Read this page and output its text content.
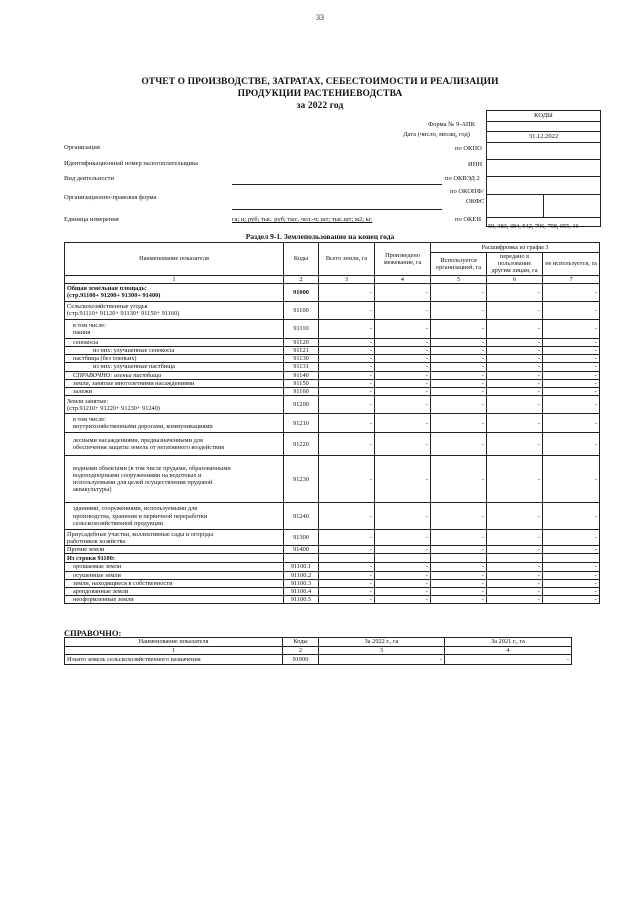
33
ОТЧЕТ О ПРОИЗВОДСТВЕ, ЗАТРАТАХ, СЕБЕСТОИМОСТИ И РЕАЛИЗАЦИИ
ПРОДУКЦИИ РАСТЕНИЕВОДСТВА
за 2022 год
КОДЫ
31.12.2022
59, 383, 384, 542, 796, 798, 055, 16
Форма № 9-АПК
Дата (число, месяц, год)
по ОКПО
ИНН
по ОКВЭД 2
по ОКОПФ/
ОКФС
по ОКЕИ
Организация
Идентификационный номер налогоплательщика
Вид деятельности
Организационно-правовая форма
Единица измерения	га; ц; руб; тыс. руб; тыс. чел.-ч; шт; тыс.шт; м2; кг.
Раздел 9-1. Землепользование на конец года
Наименование показателя	Коды	Всего земли, га	Произведено межевание, га	Расшифровка из графы 3		
				Используется организацией, га	передано в пользование другим лицам, га	не используется, га
1	2	3	4	5	6	7
Общая земельная площадь:
(стр.91100+ 91200+ 91300+ 91400)	91000	-	-	-	-	-
Сельскохозяйственные угодья
(стр.91110+ 91120+ 91130+ 91150+ 91160)	91100	-	-	-	-	-
в том числе:
пашня	91110	-	-	-	-	-
сенокосы	91120	-	-	-	-	-
из них: улучшенные сенокосы	91121	-	-	-	-	-
пастбища (без оленьих)	91130	-	-	-	-	-
из них: улучшенные пастбища	91131	-	-	-	-	-
СПРАВОЧНО: оленьи пастбища	91140	-	-	-	-	-
земли, занятые многолетними насаждениями	91150	-	-	-	-	-
залежи	91160	-	-	-	-	-
Земли занятые:
(стр.91210+ 91220+ 91230+ 91240)	91200	-	-	-	-	-
в том числе:
внутрихозяйственными дорогами, коммуникациями	91210	-	-	-	-	-
лесными насаждениями, предназначенными для
обеспечения защиты земель от негативного воздействия	91220	-	-	-	-	-
водными объектами (в том числе прудами, образованными
водоподпорными сооружениями на водотоках и
используемыми для целей осуществления прудовой
аквакультуры)	91230	-	-	-	-	-
зданиями, сооружениями, используемыми для
производства, хранения и первичной переработки
сельскохозяйственной продукции	91240	-	-	-	-	-
Приусадебные участки, коллективные сады и огороды
работников хозяйства	91300	-	-	-	-	-
Прочие земли	91400	-	-	-	-	-
Из строки 91100:						
орошаемые земли	91100.1	-	-	-	-	-
осушенные земли	91100.2	-	-	-	-	-
земли, находящиеся в собственности	91100.3	-	-	-	-	-
арендованные земли	91100.4	-	-	-	-	-
неоформленные земли	91100.5	-	-	-	-	-
СПРАВОЧНО:
Наименование показателя	Коды	За 2022 г., га	За 2021 г., га
1	2	3	4
Изъято земель сельскохозяйственного назначения	91900	-	-
